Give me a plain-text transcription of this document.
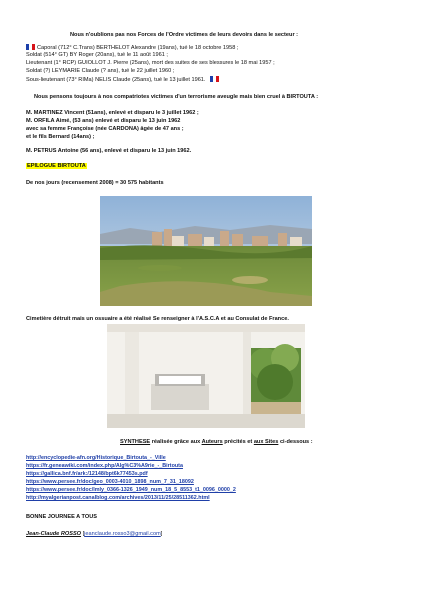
Nous n'oublions pas nos Forces de l'Ordre victimes de leurs devoirs dans le secteur :
Caporal (712° C.Trans) BERTHELOT Alexandre (19ans), tué le 18 octobre 1958 ;
Soldat (514° GT) BY Roger (20ans), tué le 11 août 1961 ;
Lieutenant (1° RCP) GUIOLLOT J. Pierre (25ans), mort des suites de ses blessures le 18 mai 1957 ;
Soldat (?) LEYMARIE Claude (? ans), tué le 22 juillet 1960 ;
Sous-lieutenant (73° RIMa) NELIS Claude (25ans), tué le 13 juillet 1961.
Nous pensons toujours à nos compatriotes victimes d'un terrorisme aveugle mais bien cruel à BIRTOUTA :
M. MARTINEZ Vincent (51ans), enlevé et disparu le 3 juillet 1962 ;
M. ORFILA Aimé, (53 ans) enlevé et disparu le 13 juin 1962
avec sa femme Françoise (née CARDONA) âgée de 47 ans ;
et le fils Bernard (14ans) ;
M. PETRUS Antoine (56 ans), enlevé et disparu le 13 juin 1962.
EPILOGUE BIRTOUTA
De nos jours (recensement 2008) = 30 575 habitants
Cimetière détruit mais un ossuaire a été réalisé Se renseigner à l'A.S.C.A et au Consulat de France.
SYNTHESE réalisée grâce aux Auteurs précités et aux Sites ci-dessous :
http://encyclopedie-afn.org/Historique_Birtouta_-_Ville
https://fr.geneawiki.com/index.php/Alg%C3%A9rie_-_Birtouta
https://gallica.bnf.fr/ark:/12148/bpt6k77453s.pdf
https://www.persee.fr/doc/geo_0003-4010_1898_num_7_31_18092
https://www.persee.fr/doc/lmly_0366-1326_1949_num_18_5_8553_t1_0096_0000_2
http://myalgerianpost.canalblog.com/archives/2013/11/25/28511362.html
BONNE JOURNEE A TOUS
Jean-Claude ROSSO [jeanclaude.rosso3@gmail.com]
